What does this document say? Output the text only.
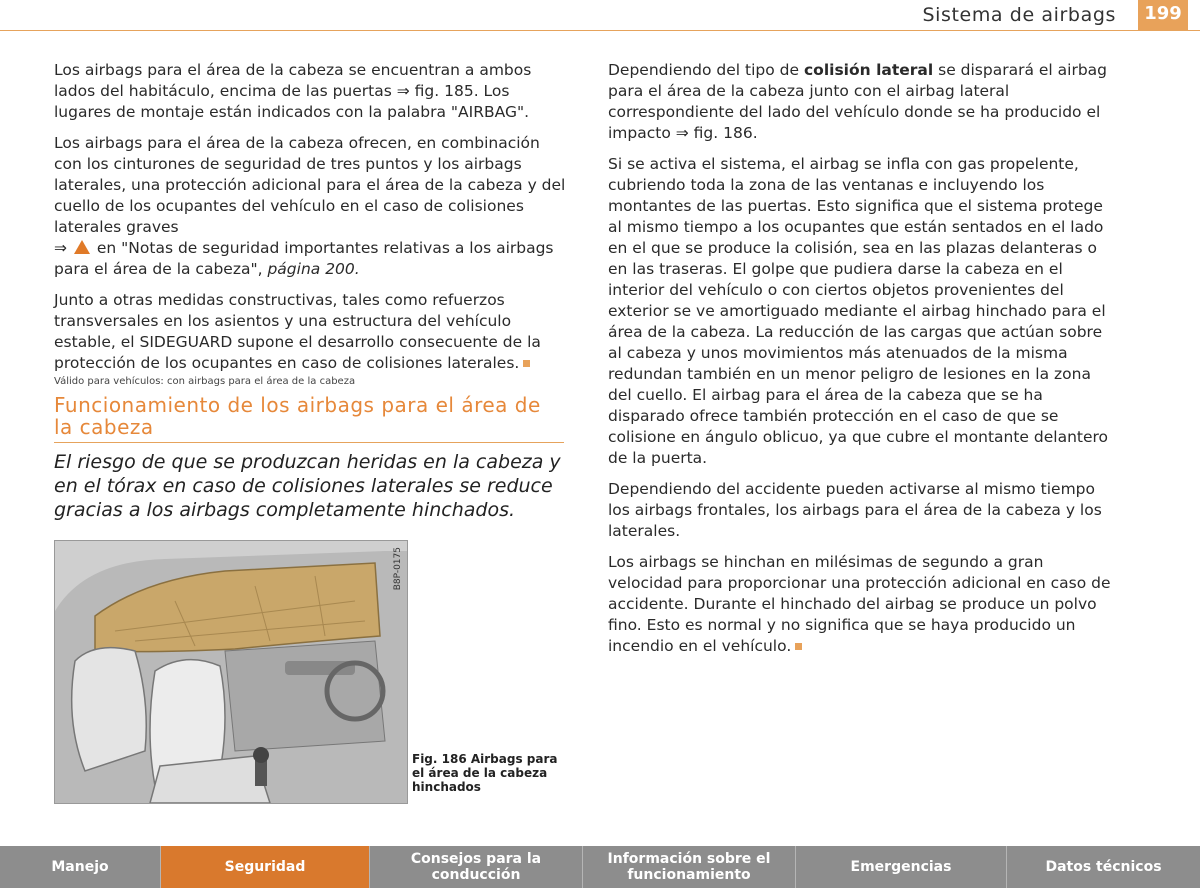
Sistema de airbags	199

Los airbags para el área de la cabeza se encuentran a ambos lados del habitáculo, encima de las puertas ⇒ fig. 185. Los lugares de montaje están indicados con la palabra "AIRBAG".

Los airbags para el área de la cabeza ofrecen, en combinación con los cinturones de seguridad de tres puntos y los airbags laterales, una protección adicional para el área de la cabeza y del cuello de los ocupantes del vehículo en el caso de colisiones laterales graves
⇒ en "Notas de seguridad importantes relativas a los airbags para el área de la cabeza", página 200.

Junto a otras medidas constructivas, tales como refuerzos transversales en los asientos y una estructura del vehículo estable, el SIDEGUARD supone el desarrollo consecuente de la protección de los ocupantes en caso de colisiones laterales.

Válido para vehículos: con airbags para el área de la cabeza
Funcionamiento de los airbags para el área de la cabeza
El riesgo de que se produzcan heridas en la cabeza y en el tórax en caso de colisiones laterales se reduce gracias a los airbags completamente hinchados.
B8P-0175
Fig. 186 Airbags para el área de la cabeza hinchados

Dependiendo del tipo de colisión lateral se disparará el airbag para el área de la cabeza junto con el airbag lateral correspondiente del lado del vehículo donde se ha producido el impacto ⇒ fig. 186.

Si se activa el sistema, el airbag se infla con gas propelente, cubriendo toda la zona de las ventanas e incluyendo los montantes de las puertas. Esto significa que el sistema protege al mismo tiempo a los ocupantes que están sentados en el lado en el que se produce la colisión, sea en las plazas delanteras o en las traseras. El golpe que pudiera darse la cabeza en el interior del vehículo o con ciertos objetos provenientes del exterior se ve amortiguado mediante el airbag hinchado para el área de la cabeza. La reducción de las cargas que actúan sobre al cabeza y unos movimientos más atenuados de la misma redundan también en un menor peligro de lesiones en la zona del cuello. El airbag para el área de la cabeza que se ha disparado ofrece también protección en el caso de que se colisione en ángulo oblicuo, ya que cubre el montante delantero de la puerta.

Dependiendo del accidente pueden activarse al mismo tiempo los airbags frontales, los airbags para el área de la cabeza y los laterales.

Los airbags se hinchan en milésimas de segundo a gran velocidad para proporcionar una protección adicional en caso de accidente. Durante el hinchado del airbag se produce un polvo fino. Esto es normal y no significa que se haya producido un incendio en el vehículo.

Manejo	Seguridad	Consejos para la conducción
Información sobre el funcionamiento	Emergencias	Datos técnicos
